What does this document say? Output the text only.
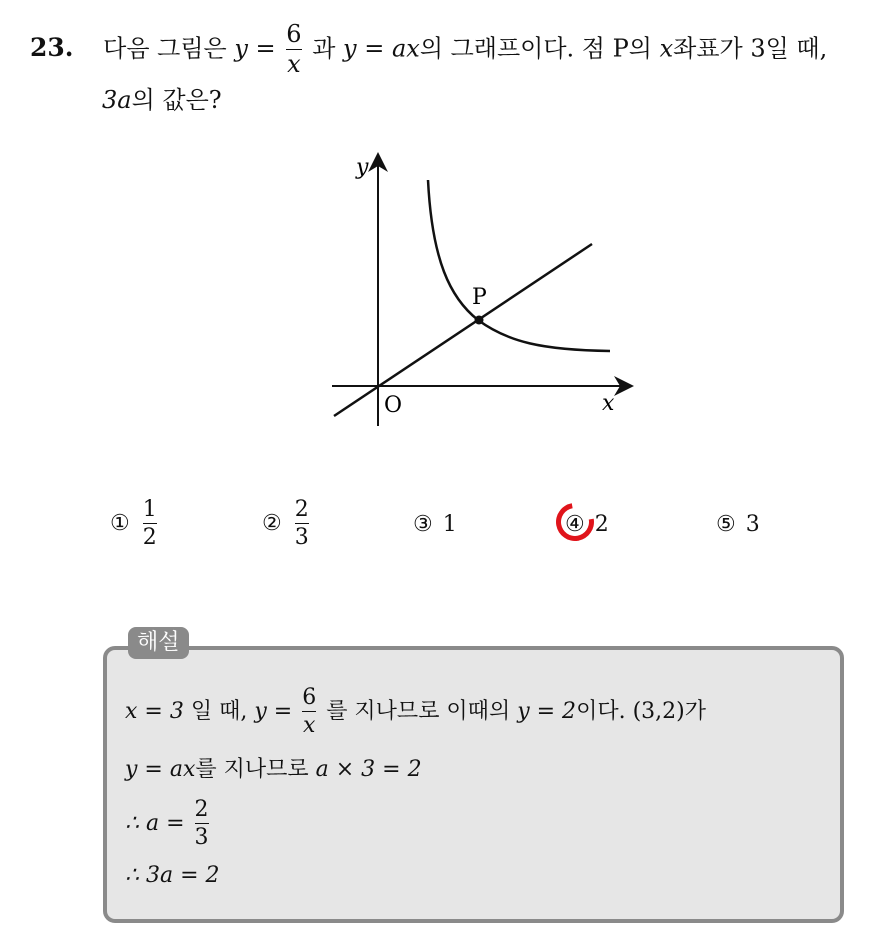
23. 다음 그림은 $y = \frac{6}{x}$ 과 y = ax의 그래프이다. 점 P의 x좌표가 3일 때,
3a의 값은?
P
O	x
y
① $\frac{1}{2}$	② $\frac{2}{3}$	③ 1	④ 2	⑤ 3
해설
x = 3 일 때, $y = \frac{6}{x}$ 를 지나므로 이때의 y = 2이다. (3,2)가
y = ax를 지나므로 a × 3 = 2
∴ $a = \frac{2}{3}$
∴ 3a = 2
